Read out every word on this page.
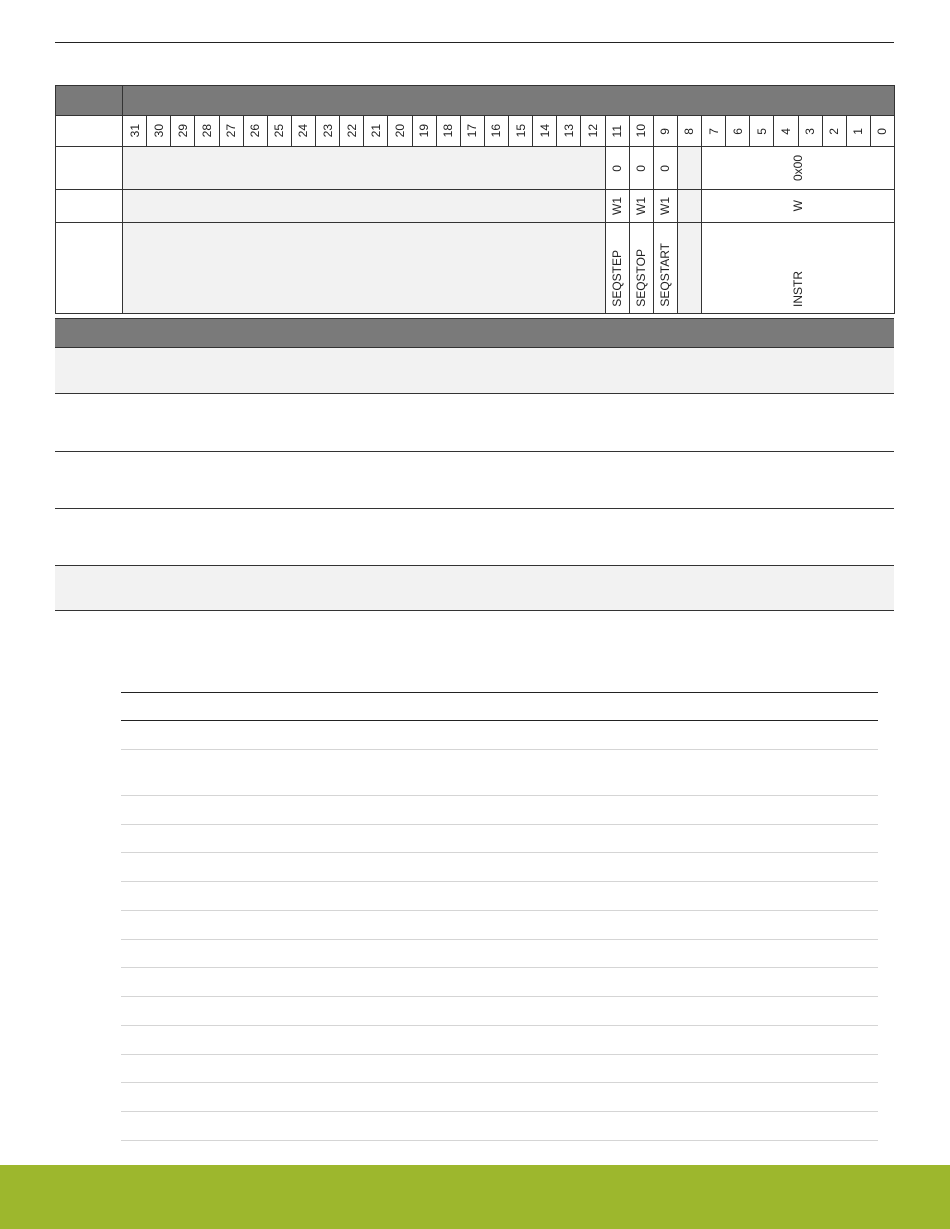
	31	30	29	28	27	26	25	24	23	22	21	20	19	18	17	16	15	14	13	12	11	10	9	8	7	6	5	4	3	2	1	0

																					0	0	0		0x00							

																					W1	W1	W1		W							

																					SEQSTEP	SEQSTOP	SEQSTART		INSTR							
